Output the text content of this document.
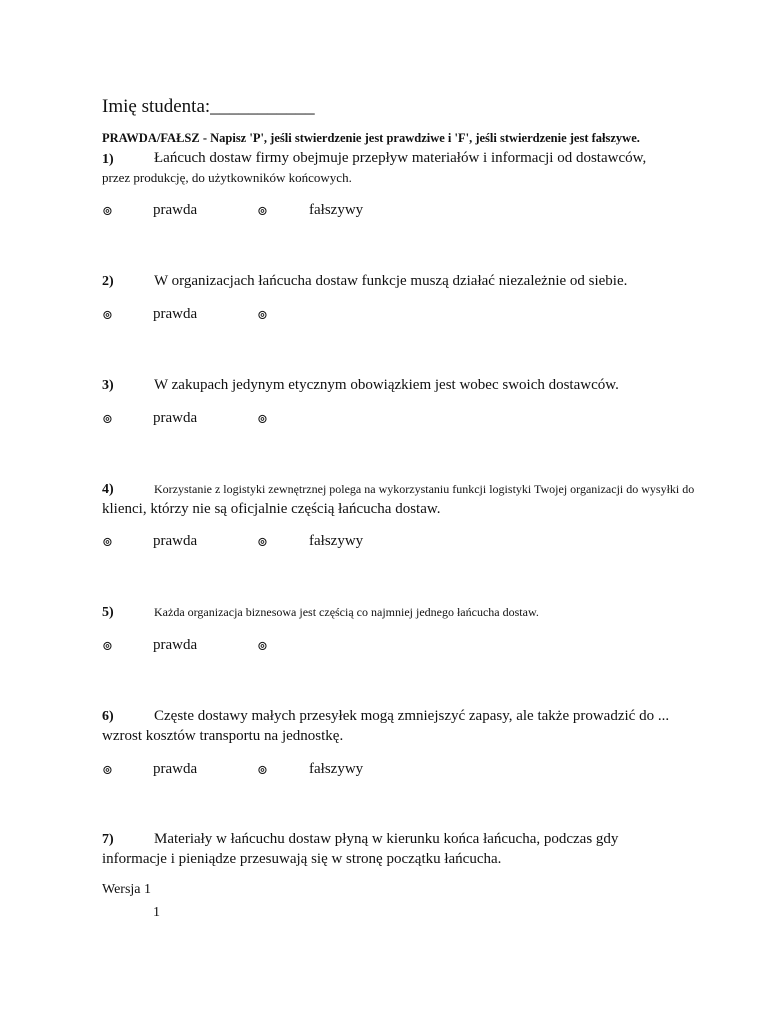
Imię studenta:___________
PRAWDA/FAŁSZ - Napisz 'P', jeśli stwierdzenie jest prawdziwe i 'F', jeśli stwierdzenie jest fałszywe.
1)	Łańcuch dostaw firmy obejmuje przepływ materiałów i informacji od dostawców,
przez produkcję, do użytkowników końcowych.
⊚	prawda	⊚	fałszywy
2)	W organizacjach łańcucha dostaw funkcje muszą działać niezależnie od siebie.
⊚	prawda	⊚
3)	W zakupach jedynym etycznym obowiązkiem jest wobec swoich dostawców.
⊚	prawda	⊚
4)	Korzystanie z logistyki zewnętrznej polega na wykorzystaniu funkcji logistyki Twojej organizacji do wysyłki do
klienci, którzy nie są oficjalnie częścią łańcucha dostaw.
⊚	prawda	⊚	fałszywy
5)	Każda organizacja biznesowa jest częścią co najmniej jednego łańcucha dostaw.
⊚	prawda	⊚
6)	Częste dostawy małych przesyłek mogą zmniejszyć zapasy, ale także prowadzić do ...
wzrost kosztów transportu na jednostkę.
⊚	prawda	⊚	fałszywy
7)	Materiały w łańcuchu dostaw płyną w kierunku końca łańcucha, podczas gdy
informacje i pieniądze przesuwają się w stronę początku łańcucha.
Wersja 1
1
